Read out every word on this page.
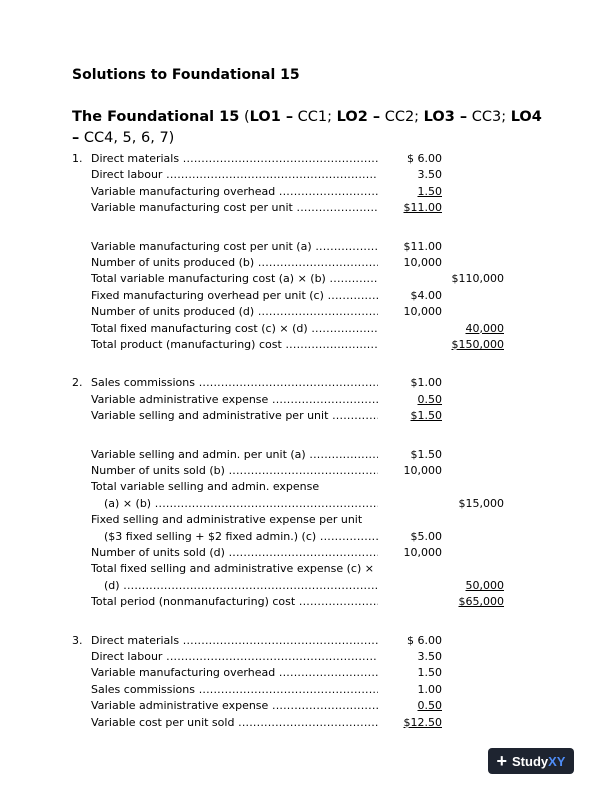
Solutions to Foundational 15
The Foundational 15 (LO1 – CC1; LO2 – CC2; LO3 – CC3; LO4 – CC4, 5, 6, 7)
1. Direct materials .....	$ 6.00
Direct labour .....	3.50
Variable manufacturing overhead .....	1.50
Variable manufacturing cost per unit .....	$11.00
Variable manufacturing cost per unit (a) .....	$11.00
Number of units produced (b) .....	10,000
Total variable manufacturing cost (a) × (b) .....	$110,000
Fixed manufacturing overhead per unit (c) .....	$4.00
Number of units produced (d) .....	10,000
Total fixed manufacturing cost (c) × (d) .....	40,000
Total product (manufacturing) cost .....	$150,000
2. Sales commissions .....	$1.00
Variable administrative expense .....	0.50
Variable selling and administrative per unit .....	$1.50
Variable selling and admin. per unit (a) .....	$1.50
Number of units sold (b) .....	10,000
Total variable selling and admin. expense
(a) × (b) .....	$15,000
Fixed selling and administrative expense per unit
($3 fixed selling + $2 fixed admin.) (c) .....	$5.00
Number of units sold (d) .....	10,000
Total fixed selling and administrative expense (c) ×
(d) .....	50,000
Total period (nonmanufacturing) cost .....	$65,000
3. Direct materials .....	$ 6.00
Direct labour .....	3.50
Variable manufacturing overhead .....	1.50
Sales commissions .....	1.00
Variable administrative expense .....	0.50
Variable cost per unit sold .....	$12.50
+ Study XY
